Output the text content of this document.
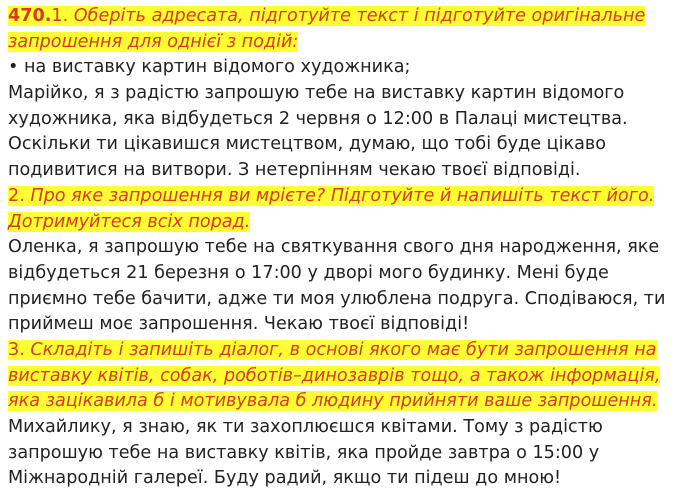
470.1. Оберіть адресата, підготуйте текст і підготуйте оригінальне
запрошення для однієї з подій:
• на виставку картин відомого художника;
Марійко, я з радістю запрошую тебе на виставку картин відомого
художника, яка відбудеться 2 червня о 12:00 в Палаці мистецтва.
Оскільки ти цікавишся мистецтвом, думаю, що тобі буде цікаво
подивитися на витвори. З нетерпінням чекаю твоєї відповіді.
2. Про яке запрошення ви мрієте? Підготуйте й напишіть текст його.
Дотримуйтеся всіх порад.
Оленка, я запрошую тебе на святкування свого дня народження, яке
відбудеться 21 березня о 17:00 у дворі мого будинку. Мені буде
приємно тебе бачити, адже ти моя улюблена подруга. Сподіваюся, ти
приймеш моє запрошення. Чекаю твоєї відповіді!
3. Складіть і запишіть діалог, в основі якого має бути запрошення на
виставку квітів, собак, роботів–динозаврів тощо, а також інформація,
яка зацікавила б і мотивувала б людину прийняти ваше запрошення.
Михайлику, я знаю, як ти захоплюєшся квітами. Тому з радістю
запрошую тебе на виставку квітів, яка пройде завтра о 15:00 у
Міжнародній галереї. Буду радий, якщо ти підеш до мною!
